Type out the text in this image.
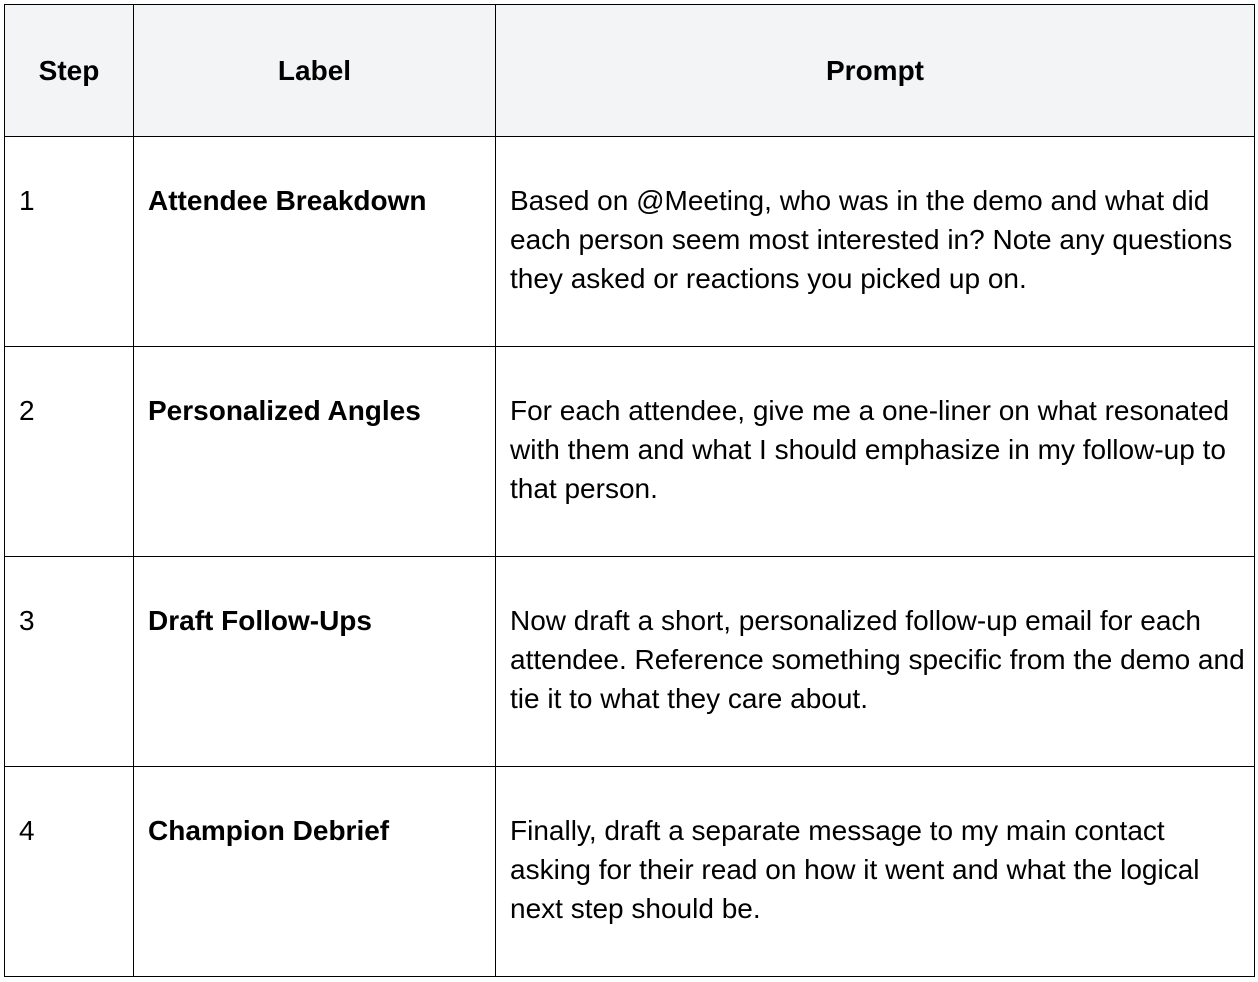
Step	Label	Prompt
1	Attendee Breakdown	Based on @Meeting, who was in the demo and what did each person seem most interested in? Note any questions they asked or reactions you picked up on.
2	Personalized Angles	For each attendee, give me a one-liner on what resonated with them and what I should emphasize in my follow-up to that person.
3	Draft Follow-Ups	Now draft a short, personalized follow-up email for each attendee. Reference something specific from the demo and tie it to what they care about.
4	Champion Debrief	Finally, draft a separate message to my main contact asking for their read on how it went and what the logical next step should be.
